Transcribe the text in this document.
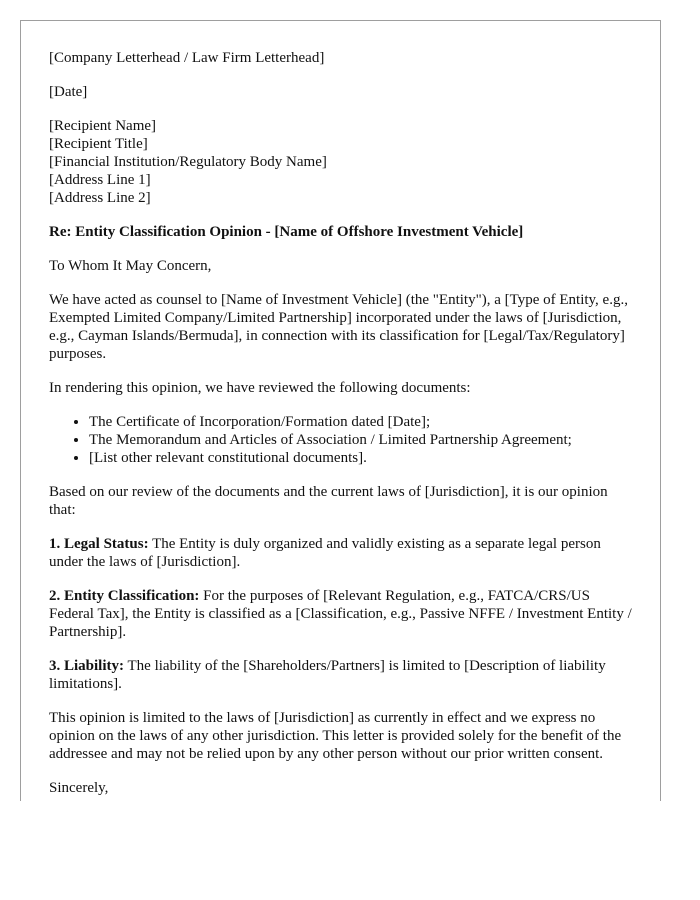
[Company Letterhead / Law Firm Letterhead]

[Date]

[Recipient Name]
[Recipient Title]
[Financial Institution/Regulatory Body Name]
[Address Line 1]
[Address Line 2]

Re: Entity Classification Opinion - [Name of Offshore Investment Vehicle]

To Whom It May Concern,

We have acted as counsel to [Name of Investment Vehicle] (the "Entity"), a [Type of Entity, e.g., Exempted Limited Company/Limited Partnership] incorporated under the laws of [Jurisdiction, e.g., Cayman Islands/Bermuda], in connection with its classification for [Legal/Tax/Regulatory] purposes.

In rendering this opinion, we have reviewed the following documents:

• The Certificate of Incorporation/Formation dated [Date];
• The Memorandum and Articles of Association / Limited Partnership Agreement;
• [List other relevant constitutional documents].

Based on our review of the documents and the current laws of [Jurisdiction], it is our opinion that:

1. Legal Status: The Entity is duly organized and validly existing as a separate legal person under the laws of [Jurisdiction].

2. Entity Classification: For the purposes of [Relevant Regulation, e.g., FATCA/CRS/US Federal Tax], the Entity is classified as a [Classification, e.g., Passive NFFE / Investment Entity / Partnership].

3. Liability: The liability of the [Shareholders/Partners] is limited to [Description of liability limitations].

This opinion is limited to the laws of [Jurisdiction] as currently in effect and we express no opinion on the laws of any other jurisdiction. This letter is provided solely for the benefit of the addressee and may not be relied upon by any other person without our prior written consent.

Sincerely,
